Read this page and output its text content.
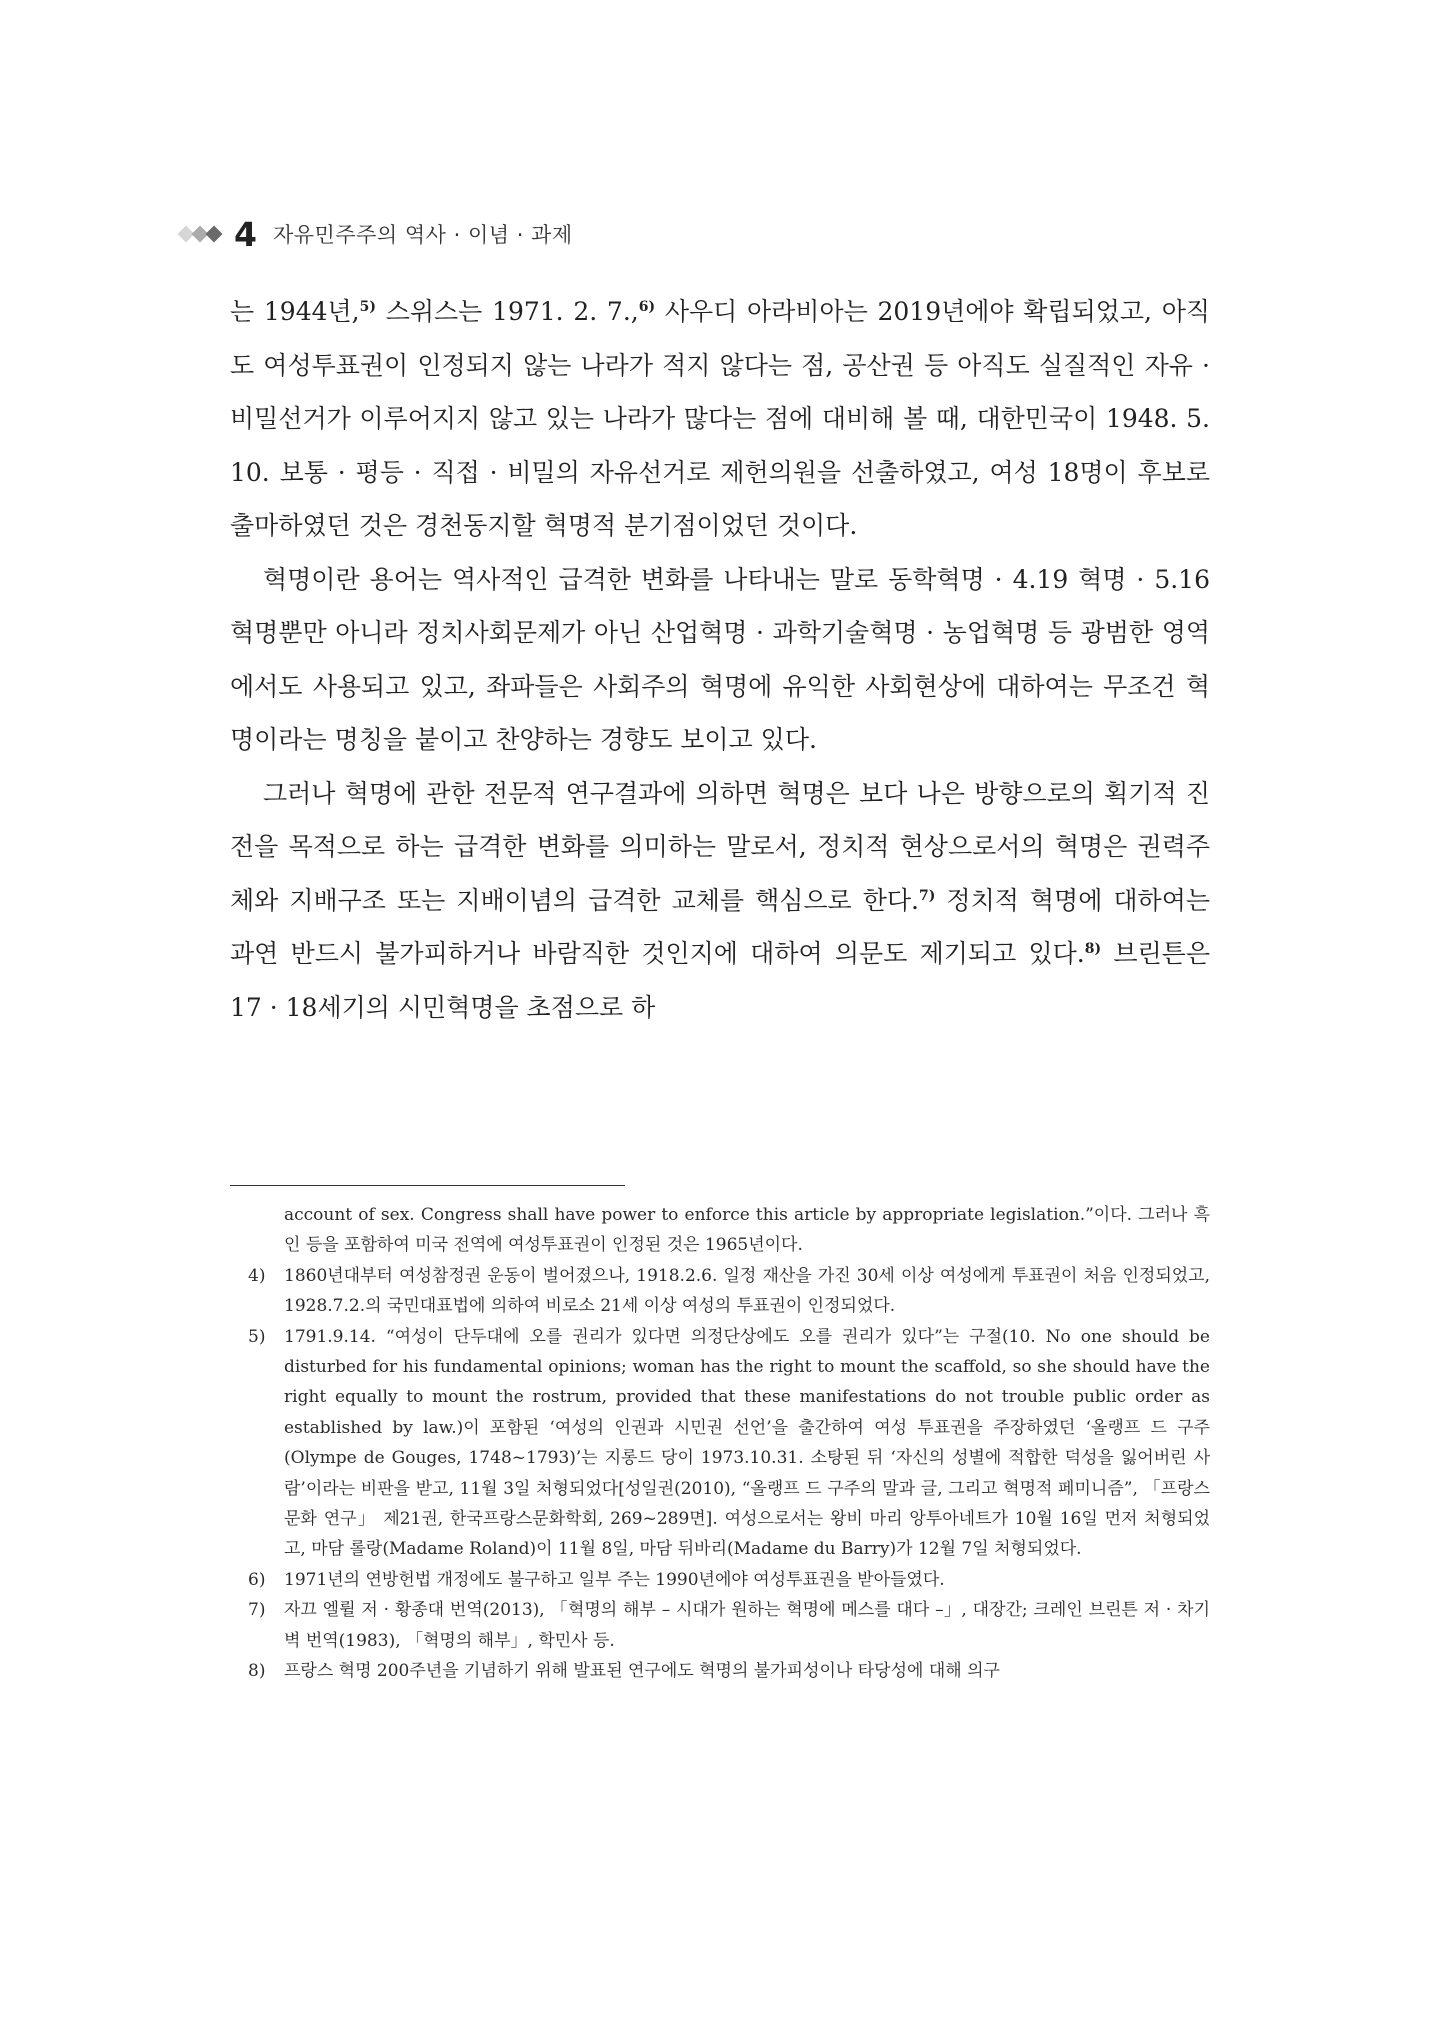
4 자유민주주의 역사 · 이념 · 과제

는 1944년,$^{5)}$ 스위스는 1971. 2. 7.,$^{6)}$ 사우디 아라비아는 2019년에야 확립되었고, 아직도 여성투표권이 인정되지 않는 나라가 적지 않다는 점, 공산권 등 아직도 실질적인 자유 · 비밀선거가 이루어지지 않고 있는 나라가 많다는 점에 대비해 볼 때, 대한민국이 1948. 5. 10. 보통 · 평등 · 직접 · 비밀의 자유선거로 제헌의원을 선출하였고, 여성 18명이 후보로 출마하였던 것은 경천동지할 혁명적 분기점이었던 것이다.

혁명이란 용어는 역사적인 급격한 변화를 나타내는 말로 동학혁명 · 4.19 혁명 · 5.16 혁명뿐만 아니라 정치사회문제가 아닌 산업혁명 · 과학기술혁명 · 농업혁명 등 광범한 영역에서도 사용되고 있고, 좌파들은 사회주의 혁명에 유익한 사회현상에 대하여는 무조건 혁명이라는 명칭을 붙이고 찬양하는 경향도 보이고 있다.

그러나 혁명에 관한 전문적 연구결과에 의하면 혁명은 보다 나은 방향으로의 획기적 진전을 목적으로 하는 급격한 변화를 의미하는 말로서, 정치적 현상으로서의 혁명은 권력주체와 지배구조 또는 지배이념의 급격한 교체를 핵심으로 한다.$^{7)}$ 정치적 혁명에 대하여는 과연 반드시 불가피하거나 바람직한 것인지에 대하여 의문도 제기되고 있다.$^{8)}$ 브린튼은 17 · 18세기의 시민혁명을 초점으로 하

account of sex. Congress shall have power to enforce this article by appropriate legislation.”이다. 그러나 흑인 등을 포함하여 미국 전역에 여성투표권이 인정된 것은 1965년이다.

4) 1860년대부터 여성참정권 운동이 벌어졌으나, 1918.2.6. 일정 재산을 가진 30세 이상 여성에게 투표권이 처음 인정되었고, 1928.7.2.의 국민대표법에 의하여 비로소 21세 이상 여성의 투표권이 인정되었다.

5) 1791.9.14. “여성이 단두대에 오를 권리가 있다면 의정단상에도 오를 권리가 있다”는 구절(10. No one should be disturbed for his fundamental opinions; woman has the right to mount the scaffold, so she should have the right equally to mount the rostrum, provided that these manifestations do not trouble public order as established by law.)이 포함된 ‘여성의 인권과 시민권 선언’을 출간하여 여성 투표권을 주장하였던 ‘올랭프 드 구주(Olympe de Gouges, 1748~1793)’는 지롱드 당이 1973.10.31. 소탕된 뒤 ‘자신의 성별에 적합한 덕성을 잃어버린 사람’이라는 비판을 받고, 11월 3일 처형되었다[성일권(2010), “올랭프 드 구주의 말과 글, 그리고 혁명적 페미니즘”, 「프랑스 문화 연구」 제21권, 한국프랑스문화학회, 269~289면]. 여성으로서는 왕비 마리 앙투아네트가 10월 16일 먼저 처형되었고, 마담 롤랑(Madame Roland)이 11월 8일, 마담 뒤바리(Madame du Barry)가 12월 7일 처형되었다.

6) 1971년의 연방헌법 개정에도 불구하고 일부 주는 1990년에야 여성투표권을 받아들였다.

7) 자끄 엘륄 저 · 황종대 번역(2013), 「혁명의 해부 – 시대가 원하는 혁명에 메스를 대다 –」, 대장간; 크레인 브린튼 저 · 차기벽 번역(1983), 「혁명의 해부」, 학민사 등.

8) 프랑스 혁명 200주년을 기념하기 위해 발표된 연구에도 혁명의 불가피성이나 타당성에 대해 의구
